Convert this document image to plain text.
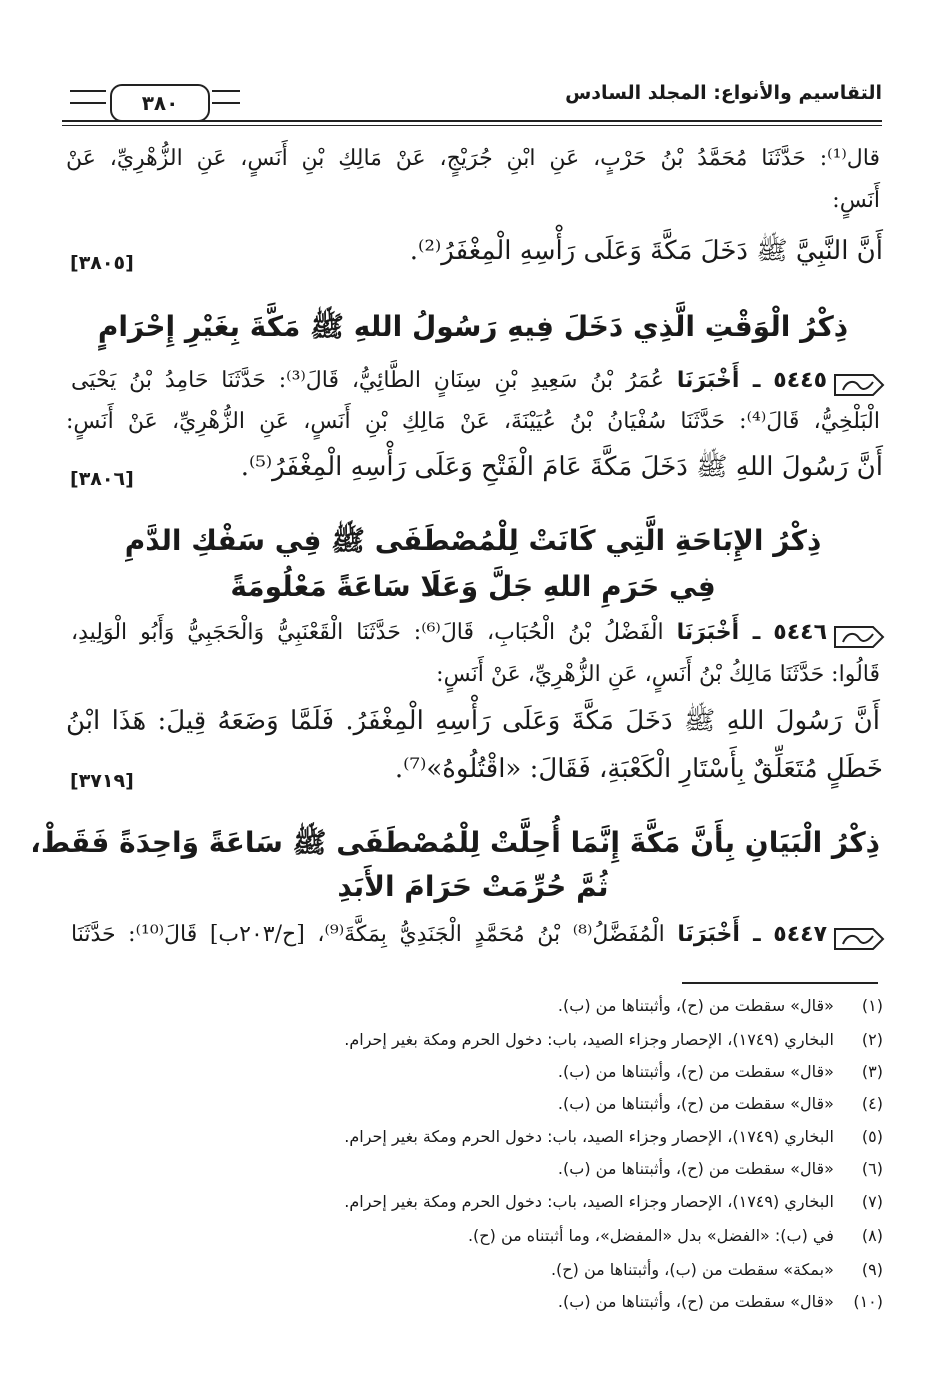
التقاسيم والأنواع: المجلد السادس
٣٨٠
قال⁽¹⁾: حَدَّثَنَا مُحَمَّدُ بْنُ حَرْبٍ، عَنِ ابْنِ جُرَيْجٍ، عَنْ مَالِكِ بْنِ أَنَسٍ، عَنِ الزُّهْرِيِّ، عَنْ
أَنَسٍ:
أَنَّ النَّبِيَّ ﷺ دَخَلَ مَكَّةَ وَعَلَى رَأْسِهِ الْمِغْفَرُ⁽²⁾.
[٣٨٠٥]
ذِكْرُ الْوَقْتِ الَّذِي دَخَلَ فِيهِ رَسُولُ اللهِ ﷺ مَكَّةَ بِغَيْرِ إِحْرَامٍ
٥٤٤٥ ـ أَخْبَرَنَا عُمَرُ بْنُ سَعِيدِ بْنِ سِنَانٍ الطَّائِيُّ، قَالَ⁽³⁾: حَدَّثَنَا حَامِدُ بْنُ يَحْيَى
الْبَلْخِيُّ، قَالَ⁽⁴⁾: حَدَّثَنَا سُفْيَانُ بْنُ عُيَيْنَةَ، عَنْ مَالِكِ بْنِ أَنَسٍ، عَنِ الزُّهْرِيِّ، عَنْ أَنَسٍ:
أَنَّ رَسُولَ اللهِ ﷺ دَخَلَ مَكَّةَ عَامَ الْفَتْحِ وَعَلَى رَأْسِهِ الْمِغْفَرُ⁽⁵⁾.
[٣٨٠٦]
ذِكْرُ الإِبَاحَةِ الَّتِي كَانَتْ لِلْمُصْطَفَى ﷺ فِي سَفْكِ الدَّمِ
فِي حَرَمِ اللهِ جَلَّ وَعَلَا سَاعَةً مَعْلُومَةً
٥٤٤٦ ـ أَخْبَرَنَا الْفَضْلُ بْنُ الْحُبَابِ، قَالَ⁽⁶⁾: حَدَّثَنَا الْقَعْنَبِيُّ وَالْحَجَبِيُّ وَأَبُو الْوَلِيدِ،
قَالُوا: حَدَّثَنَا مَالِكُ بْنُ أَنَسٍ، عَنِ الزُّهْرِيِّ، عَنْ أَنَسٍ:
أَنَّ رَسُولَ اللهِ ﷺ دَخَلَ مَكَّةَ وَعَلَى رَأْسِهِ الْمِغْفَرُ. فَلَمَّا وَضَعَهُ قِيلَ: هَذَا ابْنُ
خَطَلٍ مُتَعَلِّقٌ بِأَسْتَارِ الْكَعْبَةِ، فَقَالَ: «اقْتُلُوهُ»⁽⁷⁾.
[٣٧١٩]
ذِكْرُ الْبَيَانِ بِأَنَّ مَكَّةَ إِنَّمَا أُحِلَّتْ لِلْمُصْطَفَى ﷺ سَاعَةً وَاحِدَةً فَقَطْ،
ثُمَّ حُرِّمَتْ حَرَامَ الأَبَدِ
٥٤٤٧ ـ أَخْبَرَنَا الْمُفَضَّلُ⁽⁸⁾ بْنُ مُحَمَّدٍ الْجَنَدِيُّ بِمَكَّةَ⁽⁹⁾، [ح/٢٠٣ب] قَالَ⁽¹⁰⁾: حَدَّثَنَا
(١) «قال» سقطت من (ح)، وأثبتناها من (ب).
(٢) البخاري (١٧٤٩)، الإحصار وجزاء الصيد، باب: دخول الحرم ومكة بغير إحرام.
(٣) «قال» سقطت من (ح)، وأثبتناها من (ب).
(٤) «قال» سقطت من (ح)، وأثبتناها من (ب).
(٥) البخاري (١٧٤٩)، الإحصار وجزاء الصيد، باب: دخول الحرم ومكة بغير إحرام.
(٦) «قال» سقطت من (ح)، وأثبتناها من (ب).
(٧) البخاري (١٧٤٩)، الإحصار وجزاء الصيد، باب: دخول الحرم ومكة بغير إحرام.
(٨) في (ب): «الفضل» بدل «المفضل»، وما أثبتناه من (ح).
(٩) «بمكة» سقطت من (ب)، وأثبتناها من (ح).
(١٠) «قال» سقطت من (ح)، وأثبتناها من (ب).
